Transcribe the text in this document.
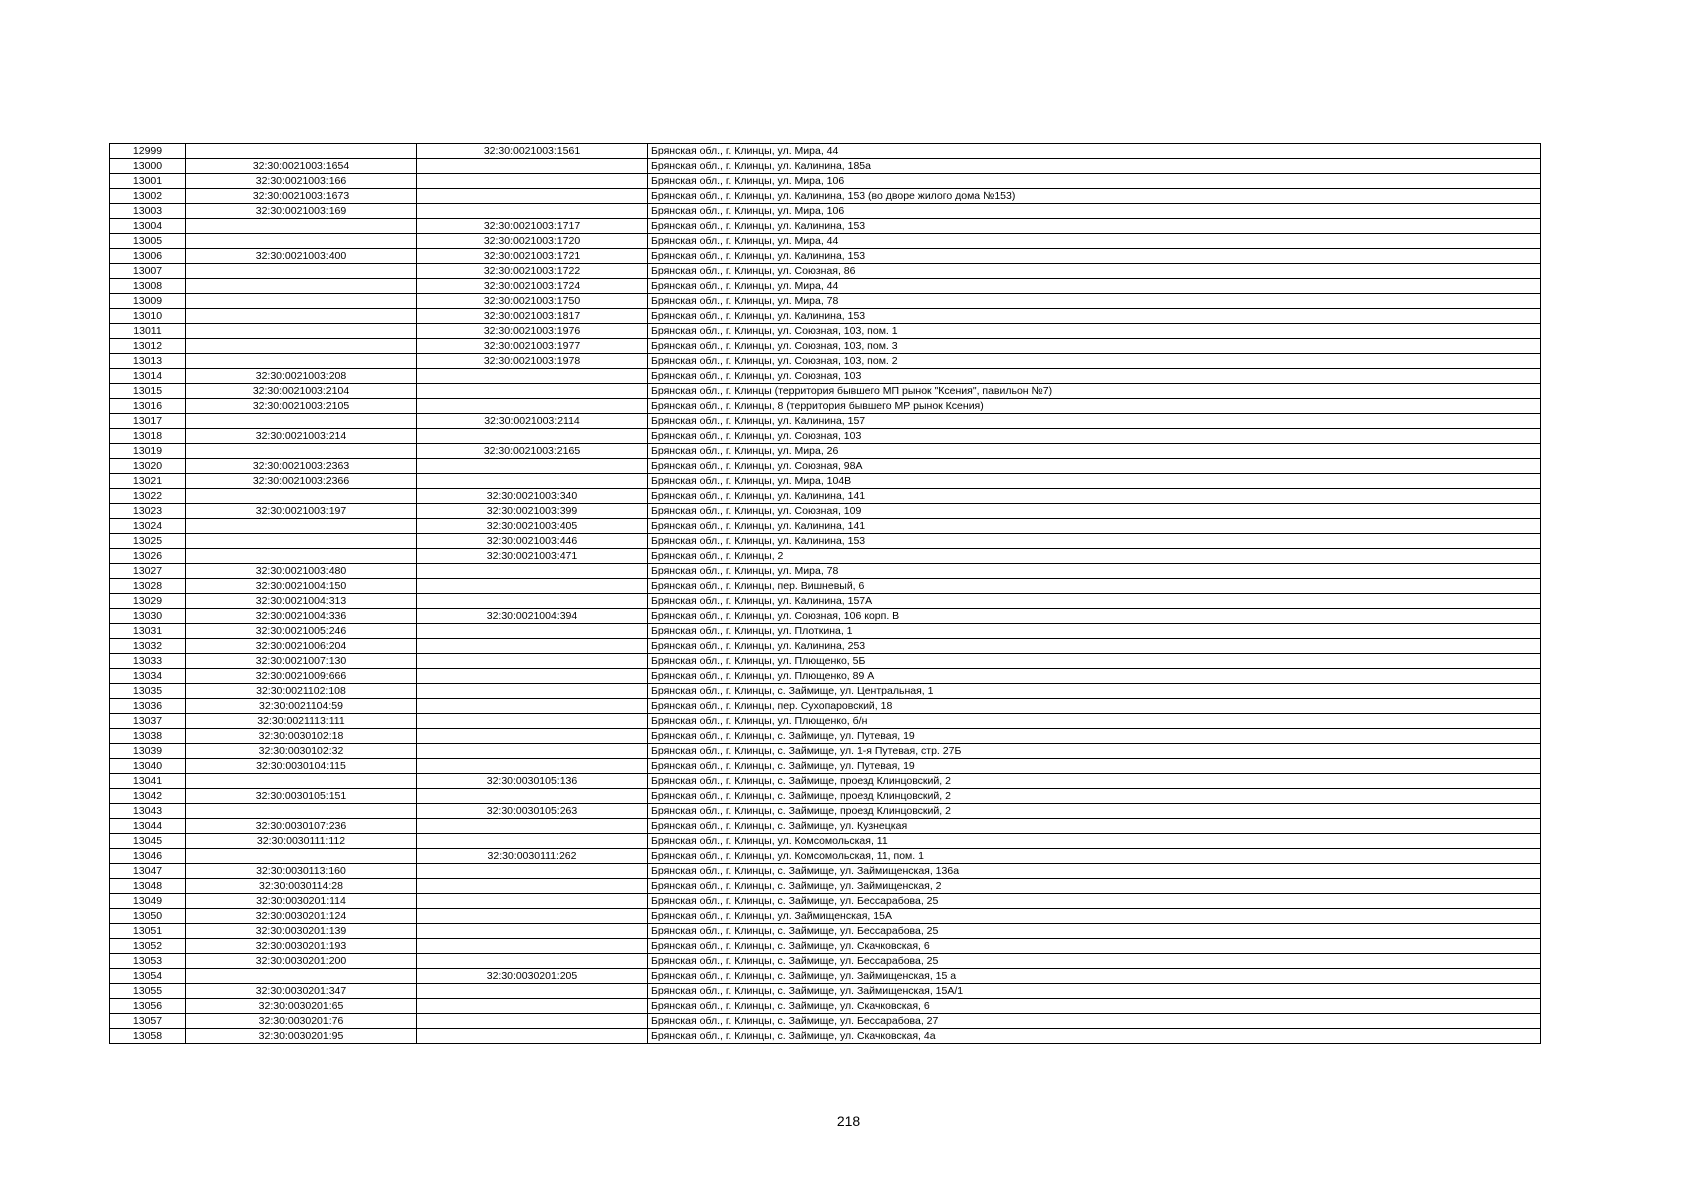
12999		32:30:0021003:1561	Брянская обл., г. Клинцы, ул. Мира, 44
13000	32:30:0021003:1654		Брянская обл., г. Клинцы, ул. Калинина, 185а
13001	32:30:0021003:166		Брянская обл., г. Клинцы, ул. Мира, 106
13002	32:30:0021003:1673		Брянская обл., г. Клинцы, ул. Калинина, 153 (во дворе жилого дома №153)
13003	32:30:0021003:169		Брянская обл., г. Клинцы, ул. Мира, 106
13004		32:30:0021003:1717	Брянская обл., г. Клинцы, ул. Калинина, 153
13005		32:30:0021003:1720	Брянская обл., г. Клинцы, ул. Мира, 44
13006	32:30:0021003:400	32:30:0021003:1721	Брянская обл., г. Клинцы, ул. Калинина, 153
13007		32:30:0021003:1722	Брянская обл., г. Клинцы, ул. Союзная, 86
13008		32:30:0021003:1724	Брянская обл., г. Клинцы, ул. Мира, 44
13009		32:30:0021003:1750	Брянская обл., г. Клинцы, ул. Мира, 78
13010		32:30:0021003:1817	Брянская обл., г. Клинцы, ул. Калинина, 153
13011		32:30:0021003:1976	Брянская обл., г. Клинцы, ул. Союзная, 103, пом. 1
13012		32:30:0021003:1977	Брянская обл., г. Клинцы, ул. Союзная, 103, пом. 3
13013		32:30:0021003:1978	Брянская обл., г. Клинцы, ул. Союзная, 103, пом. 2
13014	32:30:0021003:208		Брянская обл., г. Клинцы, ул. Союзная, 103
13015	32:30:0021003:2104		Брянская обл., г. Клинцы (территория бывшего МП рынок "Ксения", павильон №7)
13016	32:30:0021003:2105		Брянская обл., г. Клинцы, 8 (территория бывшего МР рынок Ксения)
13017		32:30:0021003:2114	Брянская обл., г. Клинцы, ул. Калинина, 157
13018	32:30:0021003:214		Брянская обл., г. Клинцы, ул. Союзная, 103
13019		32:30:0021003:2165	Брянская обл., г. Клинцы, ул. Мира, 26
13020	32:30:0021003:2363		Брянская обл., г. Клинцы, ул. Союзная, 98А
13021	32:30:0021003:2366		Брянская обл., г. Клинцы, ул. Мира, 104В
13022		32:30:0021003:340	Брянская обл., г. Клинцы, ул. Калинина, 141
13023	32:30:0021003:197	32:30:0021003:399	Брянская обл., г. Клинцы, ул. Союзная, 109
13024		32:30:0021003:405	Брянская обл., г. Клинцы, ул. Калинина, 141
13025		32:30:0021003:446	Брянская обл., г. Клинцы, ул. Калинина, 153
13026		32:30:0021003:471	Брянская обл., г. Клинцы, 2
13027	32:30:0021003:480		Брянская обл., г. Клинцы, ул. Мира, 78
13028	32:30:0021004:150		Брянская обл., г. Клинцы, пер. Вишневый, 6
13029	32:30:0021004:313		Брянская обл., г. Клинцы, ул. Калинина, 157А
13030	32:30:0021004:336	32:30:0021004:394	Брянская обл., г. Клинцы, ул. Союзная, 106 корп. В
13031	32:30:0021005:246		Брянская обл., г. Клинцы, ул. Плоткина, 1
13032	32:30:0021006:204		Брянская обл., г. Клинцы, ул. Калинина, 253
13033	32:30:0021007:130		Брянская обл., г. Клинцы, ул. Плющенко, 5Б
13034	32:30:0021009:666		Брянская обл., г. Клинцы, ул. Плющенко, 89 А
13035	32:30:0021102:108		Брянская обл., г. Клинцы, с. Займище, ул. Центральная, 1
13036	32:30:0021104:59		Брянская обл., г. Клинцы, пер. Сухопаровский, 18
13037	32:30:0021113:111		Брянская обл., г. Клинцы, ул. Плющенко, б/н
13038	32:30:0030102:18		Брянская обл., г. Клинцы, с. Займище, ул. Путевая, 19
13039	32:30:0030102:32		Брянская обл., г. Клинцы, с. Займище, ул. 1-я Путевая, стр. 27Б
13040	32:30:0030104:115		Брянская обл., г. Клинцы, с. Займище, ул. Путевая, 19
13041		32:30:0030105:136	Брянская обл., г. Клинцы, с. Займище, проезд Клинцовский, 2
13042	32:30:0030105:151		Брянская обл., г. Клинцы, с. Займище, проезд Клинцовский, 2
13043		32:30:0030105:263	Брянская обл., г. Клинцы, с. Займище, проезд Клинцовский, 2
13044	32:30:0030107:236		Брянская обл., г. Клинцы, с. Займище, ул. Кузнецкая
13045	32:30:0030111:112		Брянская обл., г. Клинцы, ул. Комсомольская, 11
13046		32:30:0030111:262	Брянская обл., г. Клинцы, ул. Комсомольская, 11, пом. 1
13047	32:30:0030113:160		Брянская обл., г. Клинцы, с. Займище, ул. Займищенская, 136а
13048	32:30:0030114:28		Брянская обл., г. Клинцы, с. Займище, ул. Займищенская, 2
13049	32:30:0030201:114		Брянская обл., г. Клинцы, с. Займище, ул. Бессарабова, 25
13050	32:30:0030201:124		Брянская обл., г. Клинцы, ул. Займищенская, 15А
13051	32:30:0030201:139		Брянская обл., г. Клинцы, с. Займище, ул. Бессарабова, 25
13052	32:30:0030201:193		Брянская обл., г. Клинцы, с. Займище, ул. Скачковская, 6
13053	32:30:0030201:200		Брянская обл., г. Клинцы, с. Займище, ул. Бессарабова, 25
13054		32:30:0030201:205	Брянская обл., г. Клинцы, с. Займище, ул. Займищенская, 15 а
13055	32:30:0030201:347		Брянская обл., г. Клинцы, с. Займище, ул. Займищенская, 15А/1
13056	32:30:0030201:65		Брянская обл., г. Клинцы, с. Займище, ул. Скачковская, 6
13057	32:30:0030201:76		Брянская обл., г. Клинцы, с. Займище, ул. Бессарабова, 27
13058	32:30:0030201:95		Брянская обл., г. Клинцы, с. Займище, ул. Скачковская, 4а
218
